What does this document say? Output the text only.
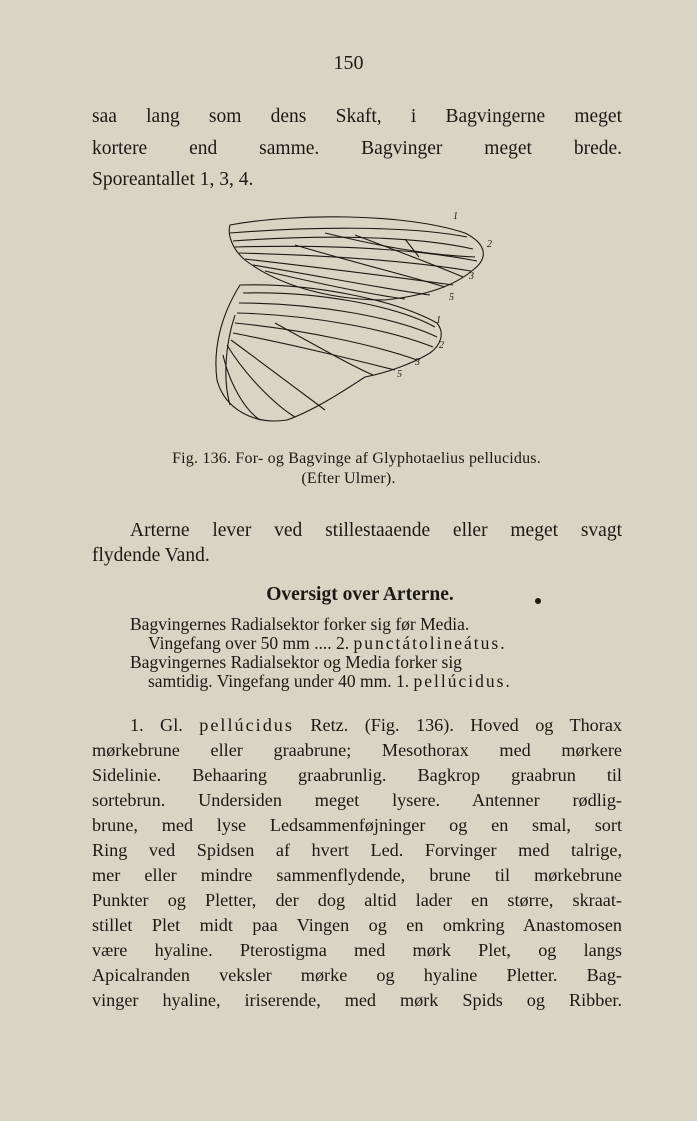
150
saa lang som dens Skaft, i Bagvingerne meget
kortere end samme. Bagvinger meget brede.
Sporeantallet 1, 3, 4.
1
2
3
5
1
2
3
5
Fig. 136. For- og Bagvinge af Glyphotaelius pellucidus.
(Efter Ulmer).
Arterne lever ved stillestaaende eller meget svagt
flydende Vand.
Oversigt over Arterne.
Bagvingernes Radialsektor forker sig før Media.
Vingefang over 50 mm .... 2. punctátolineátus.
Bagvingernes Radialsektor og Media forker sig
samtidig. Vingefang under 40 mm. 1. pellúcidus.
1. Gl. pellúcidus Retz. (Fig. 136). Hoved og Thorax
mørkebrune eller graabrune; Mesothorax med mørkere
Sidelinie. Behaaring graabrunlig. Bagkrop graabrun til
sortebrun. Undersiden meget lysere. Antenner rødlig-
brune, med lyse Ledsammenføjninger og en smal, sort
Ring ved Spidsen af hvert Led. Forvinger med talrige,
mer eller mindre sammenflydende, brune til mørkebrune
Punkter og Pletter, der dog altid lader en større, skraat-
stillet Plet midt paa Vingen og en omkring Anastomosen
være hyaline. Pterostigma med mørk Plet, og langs
Apicalranden veksler mørke og hyaline Pletter. Bag-
vinger hyaline, iriserende, med mørk Spids og Ribber.
